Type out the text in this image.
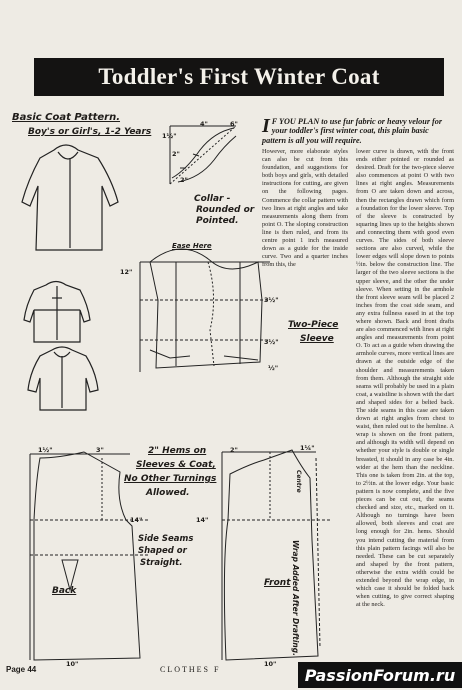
Toddler's First Winter Coat
Basic Coat Pattern.
Boy's or Girl's, 1-2 Years
Collar -
Rounded or
Pointed.
Ease Here
Two-Piece
Sleeve
2" Hems on
Sleeves & Coat,
No Other Turnings
Allowed.
Side Seams
Shaped or
Straight.
Back
Front Wrap Added After Drafting.
Centre
4"	6"
2"
1½"
2"
12"
3½"
3½"
½"
1½"	3"
14"
10"
2"	1¼"
14"
10"
I F YOU PLAN to use fur fabric or heavy velour for your toddler's first winter coat, this plain basic pattern is all you will require.
However, more elaborate styles can also be cut from this foundation, and suggestions for both boys and girls, with detailed instructions for cutting, are given on the following pages. Commence the collar pattern with two lines at right angles and take measurements along them from point O. The sloping construction line is then ruled, and from its centre point 1 inch measured down as a guide for the inside curve. Two and a quarter inches from this, the
lower curve is drawn, with the front ends either pointed or rounded as desired. Draft for the two-piece sleeve also commences at point O with two lines at right angles. Measurements from O are taken down and across, then the rectangles drawn which form a foundation for the lower sleeve. Top of the sleeve is constructed by squaring lines up to the heights shown and connecting them with good even curves. The sides of both sleeve sections are also curved, while the lower edges will slope down to points ½in. below the construction line. The larger of the two sleeve sections is the upper sleeve, and the other the under sleeve. When setting in the armhole the front sleeve seam will be placed 2 inches from the coat side seam, and any extra fullness eased in at the top where shown. Back and front drafts are also commenced with lines at right angles and measurements from point O. To act as a guide when drawing the armhole curves, more vertical lines are drawn at the outside edge of the shoulder and measurements taken from them. Although the straight side seams will probably be used in a plain coat, a waistline is shown with the dart and shaped sides for a belted back. The side seams in this case are taken down at right angles from chest to waist, then ruled out to the hemline. A wrap is shown on the front pattern, and although its width will depend on whether your style is double or single breasted, it should in any case be 4in. wider at the hem than the neckline. This one is taken from 2in. at the top, to 2½in. at the lower edge. Your basic pattern is now complete, and the five pieces can be cut out, the seams checked and size, etc., marked on it. Although no turnings have been allowed, both sleeves and coat are long enough for 2in. hems. Should you intend cutting the material from this plain pattern facings will also be needed. These can be cut separately and shaped by the front pattern, otherwise the extra width could be extended beyond the wrap edge, in which case it should be folded back when cutting, to give correct shaping at the neck.
Page 44	CLOTHES F	PassionForum.ru
